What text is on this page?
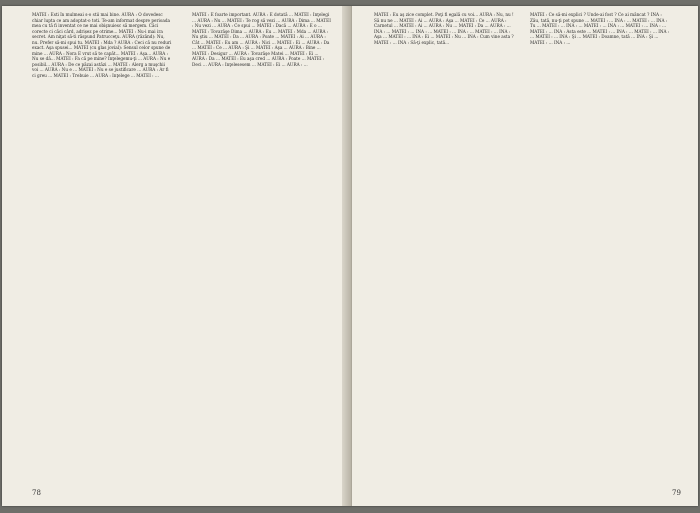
MATEI : Esti în mulmeai s-o stii mai bine. AURA : O dovedesc chiar lupta ce am adoptat-o toti. Te-am informat despre perioada mea cu tă fi inventat ce ne mai obişnuiesc să mergem. Căci corecte ci căci cârd, adrișez pe otrime... MATEI : Nu-i mai ira secret. Am niţat să-ti răspund Patrucceţu. AURA (râzând): Nu, nu. Prefer să-mi spui tu. MATEI : Mda ? AURA : Ceci că nu reduri exact. Aşa spusei... MATEI (cu glas jovial): Sensul celor spune de mine ... AURA : Nora E vrut să te capăt... MATEI : Aşa... AURA : Nu se dă... MATEI : Fa că pe mine? Inţelegemu-ţi ... AURA : Nu e posibil... AURA : De ce păzai astăzi ... MATEI : Alerg a muşchii voi ... AURA : Nu e ... MATEI : Nu e se justificare ... AURA : Ar fi ci greu ... MATEI : Trebuie ... AURA : Inţelege ... MATEI : ...
MATEI : E foarte important. AURA : E dotată ... MATEI : Inţelegi ... AURA : Nu ... MATEI : Te rog să vezi ... AURA : Dima ... MATEI : Nu vezi ... AURA : Ce spui ... MATEI : Dacă ... AURA : E o ... MATEI : Tovarăşe Dima ... AURA : Eu ... MATEI : Mda ... AURA : Nu ştiu ... MATEI : Da ... AURA : Poate ... MATEI : Ai ... AURA : Cât ... MATEI : Eu am ... AURA : Nici ... MATEI : Ei ... AURA : Da ... MATEI : Ce ... AURA : Şi ... MATEI : Aşa ... AURA : Bine ... MATEI : Desigur ... AURA : Tovarăşe Matei ... MATEI : Ei ... AURA : Da ... MATEI : Eu aşa cred ... AURA : Poate ... MATEI : Deci ... AURA : Inţelesesem ... MATEI : Ei ... AURA : ...
78
MATEI : Eu aş zice complet. Poţi fi egală cu voi... AURA : Nu, nu ! Să nu ne ... MATEI : Ai ... AURA : Aşa ... MATEI : Ce ... AURA : Carnetul ... MATEI : Ai ... AURA : Nu ... MATEI : Da ... AURA : ... INA : ... MATEI : ... INA : ... MATEI : ... INA : ... MATEI : ... INA : Aşa ... MATEI : ... INA : Ei ... MATEI : Nu ... INA : Cum vine asta ? MATEI : ... INA : Să-ţi explic, tată...
MATEI : Ce să-mi explici ? Unde-ai fost ? Ce ai mâncat ? INA : Zău, tată, nu-ţi pot spune ... MATEI : ... INA : ... MATEI : ... INA : Tu ... MATEI : ... INA : ... MATEI : ... INA : ... MATEI : ... INA : ... MATEI : ... INA : Asta este ... MATEI : ... INA : ... MATEI : ... INA : ... MATEI : ... INA : Şi ... MATEI : Doamne, tată ... INA : Şi ... MATEI : ... INA : ...
79
